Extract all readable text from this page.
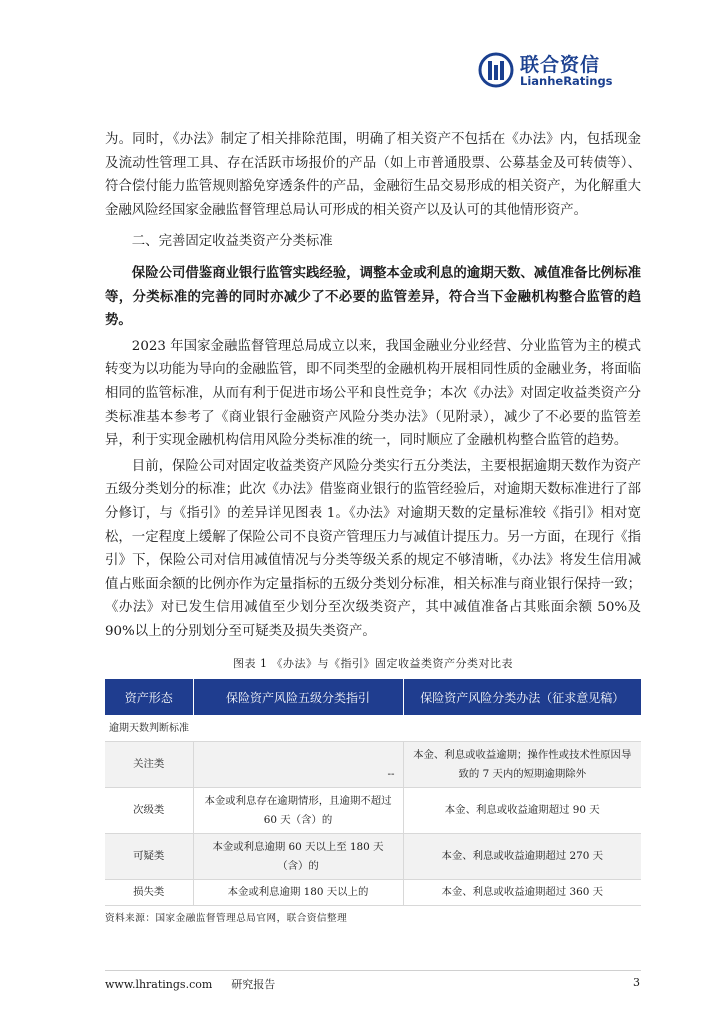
联合资信
LianheRatings

为。同时，《办法》制定了相关排除范围，明确了相关资产不包括在《办法》内，包括现金及流动性管理工具、存在活跃市场报价的产品（如上市普通股票、公募基金及可转债等）、符合偿付能力监管规则豁免穿透条件的产品，金融衍生品交易形成的相关资产，为化解重大金融风险经国家金融监督管理总局认可形成的相关资产以及认可的其他情形资产。

二、完善固定收益类资产分类标准

保险公司借鉴商业银行监管实践经验，调整本金或利息的逾期天数、减值准备比例标准等，分类标准的完善的同时亦减少了不必要的监管差异，符合当下金融机构整合监管的趋势。

2023 年国家金融监督管理总局成立以来，我国金融业分业经营、分业监管为主的模式转变为以功能为导向的金融监管，即不同类型的金融机构开展相同性质的金融业务，将面临相同的监管标准，从而有利于促进市场公平和良性竞争；本次《办法》对固定收益类资产分类标准基本参考了《商业银行金融资产风险分类办法》（见附录），减少了不必要的监管差异，利于实现金融机构信用风险分类标准的统一，同时顺应了金融机构整合监管的趋势。

目前，保险公司对固定收益类资产风险分类实行五分类法，主要根据逾期天数作为资产五级分类划分的标准；此次《办法》借鉴商业银行的监管经验后，对逾期天数标准进行了部分修订，与《指引》的差异详见图表 1。《办法》对逾期天数的定量标准较《指引》相对宽松，一定程度上缓解了保险公司不良资产管理压力与减值计提压力。另一方面，在现行《指引》下，保险公司对信用减值情况与分类等级关系的规定不够清晰，《办法》将发生信用减值占账面余额的比例亦作为定量指标的五级分类划分标准，相关标准与商业银行保持一致；《办法》对已发生信用减值至少划分至次级类资产，其中减值准备占其账面余额 50%及 90%以上的分别划分至可疑类及损失类资产。

图表 1 《办法》与《指引》固定收益类资产分类对比表
资产形态	保险资产风险五级分类指引	保险资产风险分类办法（征求意见稿）
逾期天数判断标准		
关注类	--	本金、利息或收益逾期；操作性或技术性原因导致的 7 天内的短期逾期除外
次级类	本金或利息存在逾期情形，且逾期不超过 60 天（含）的	本金、利息或收益逾期超过 90 天
可疑类	本金或利息逾期 60 天以上至 180 天（含）的	本金、利息或收益逾期超过 270 天
损失类	本金或利息逾期 180 天以上的	本金、利息或收益逾期超过 360 天
资料来源：国家金融监督管理总局官网，联合资信整理
www.lhratings.com 研究报告	3
